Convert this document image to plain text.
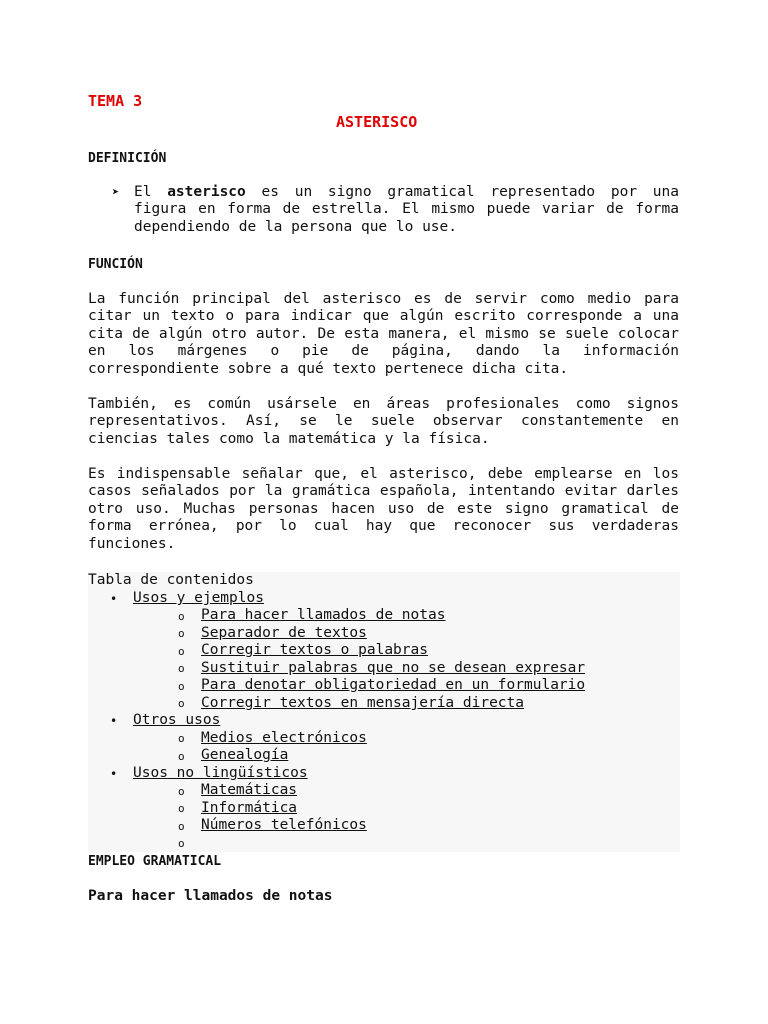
TEMA 3
ASTERISCO
DEFINICIÓN
➤	El asterisco es un signo gramatical representado por una figura en forma de estrella. El mismo puede variar de forma dependiendo de la persona que lo use.
FUNCIÓN

La función principal del asterisco es de servir como medio para citar un texto o para indicar que algún escrito corresponde a una cita de algún otro autor. De esta manera, el mismo se suele colocar en los márgenes o pie de página, dando la información correspondiente sobre a qué texto pertenece dicha cita.

También, es común usársele en áreas profesionales como signos representativos. Así, se le suele observar constantemente en ciencias tales como la matemática y la física.

Es indispensable señalar que, el asterisco, debe emplearse en los casos señalados por la gramática española, intentando evitar darles otro uso. Muchas personas hacen uso de este signo gramatical de forma errónea, por lo cual hay que reconocer sus verdaderas funciones.

Tabla de contenidos
• Usos y ejemplos
o Para hacer llamados de notas
o Separador de textos
o Corregir textos o palabras
o Sustituir palabras que no se desean expresar
o Para denotar obligatoriedad en un formulario
o Corregir textos en mensajería directa
• Otros usos
o Medios electrónicos
o Genealogía
• Usos no lingüísticos
o Matemáticas
o Informática
o Números telefónicos
o
EMPLEO GRAMATICAL
Para hacer llamados de notas
